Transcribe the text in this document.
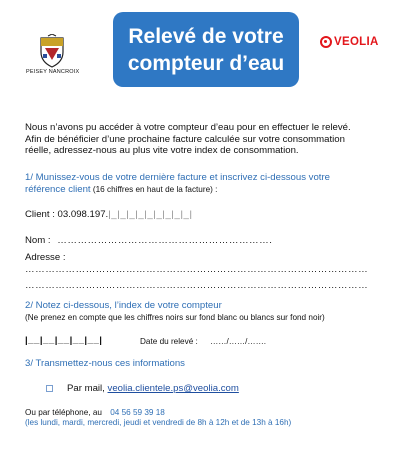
PEISEY NANCROIX
Relevé de votre
compteur d’eau
VEOLIA
Nous n’avons pu accéder à votre compteur d’eau pour en effectuer le relevé.
Afin de bénéficier d’une prochaine facture calculée sur votre consommation
réelle, adressez-nous au plus vite votre index de consommation.
1/ Munissez-vous de votre dernière facture et inscrivez ci-dessous votre
référence client (16 chiffres en haut de la facture) :
Client : 03.098.197.|_|_|_|_|_|_|_|_|_|
Nom : ……………………………………………………….
Adresse :
…………………………………………………………………………………………
…………………………………………………………………………………………
2/ Notez ci-dessous, l’index de votre compteur
(Ne prenez en compte que les chiffres noirs sur fond blanc ou blancs sur fond noir)
|__|__|__|__|__|	Date du relevé : ……/……/…….
3/ Transmettez-nous ces informations
Par mail, veolia.clientele.ps@veolia.com
Ou par téléphone, au 04 56 59 39 18
(les lundi, mardi, mercredi, jeudi et vendredi de 8h à 12h et de 13h à 16h)
